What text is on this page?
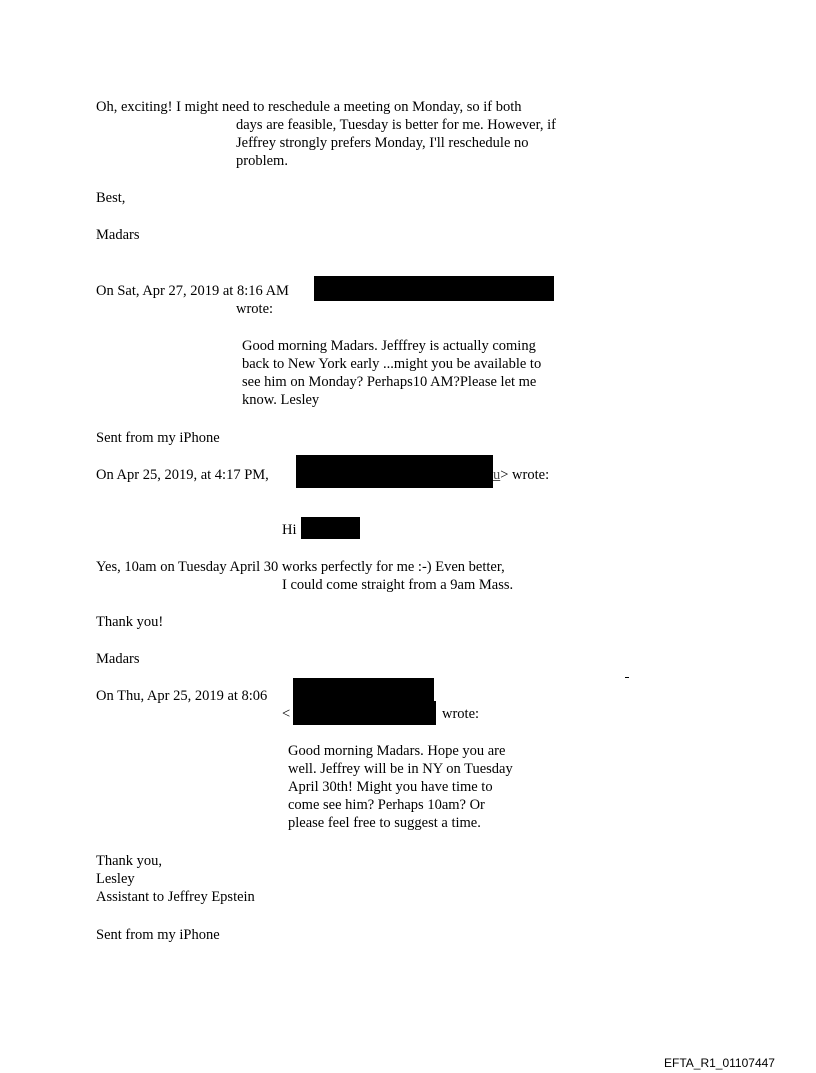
Oh, exciting! I might need to reschedule a meeting on Monday, so if both
days are feasible, Tuesday is better for me. However, if
Jeffrey strongly prefers Monday, I'll reschedule no
problem.
Best,
Madars
On Sat, Apr 27, 2019 at 8:16 AM
wrote:
Good morning Madars. Jefffrey is actually coming
back to New York early ...might you be available to
see him on Monday? Perhaps10 AM?Please let me
know. Lesley
Sent from my iPhone
On Apr 25, 2019, at 4:17 PM,	u> wrote:
Hi
Yes, 10am on Tuesday April 30 works perfectly for me :-) Even better,
I could come straight from a 9am Mass.
Thank you!
Madars
On Thu, Apr 25, 2019 at 8:06
<	wrote:
Good morning Madars. Hope you are
well. Jeffrey will be in NY on Tuesday
April 30th! Might you have time to
come see him? Perhaps 10am? Or
please feel free to suggest a time.
Thank you,
Lesley
Assistant to Jeffrey Epstein
Sent from my iPhone
EFTA_R1_01107447
